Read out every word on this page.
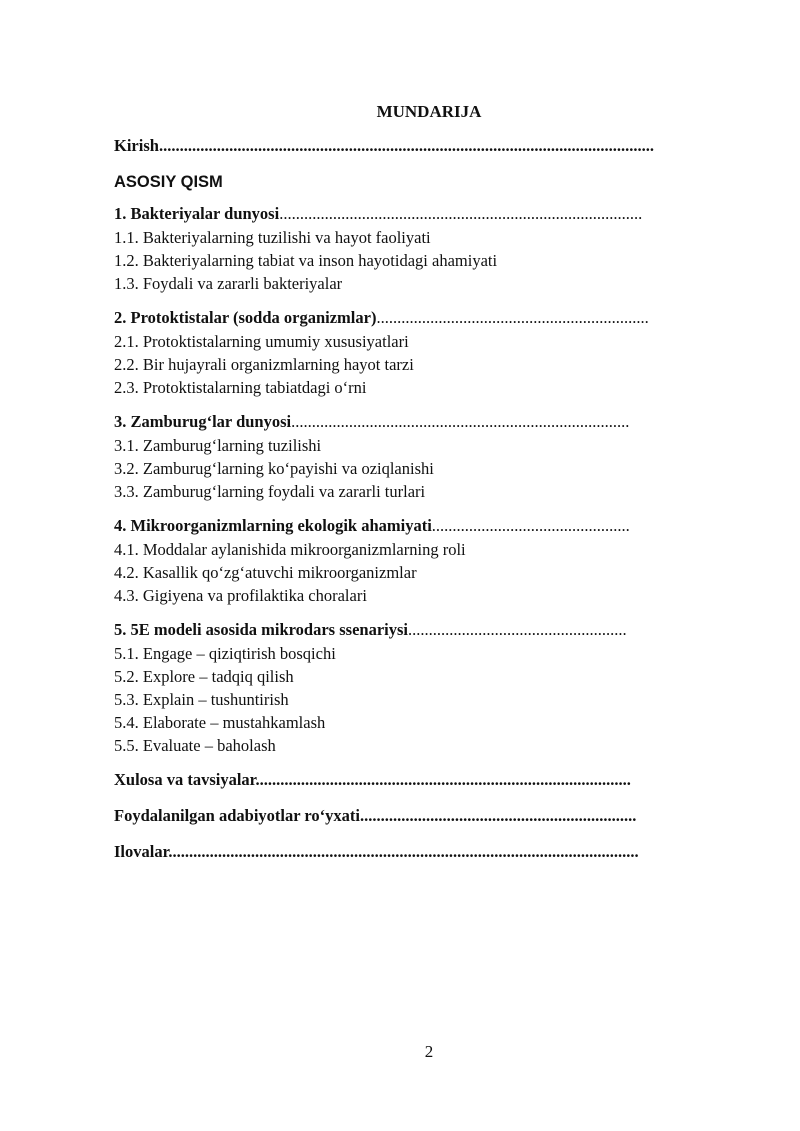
MUNDARIJA
Kirish........................................................................................................................
ASOSIY QISM
1. Bakteriyalar dunyosi........................................................................................
1.1. Bakteriyalarning tuzilishi va hayot faoliyati
1.2. Bakteriyalarning tabiat va inson hayotidagi ahamiyati
1.3. Foydali va zararli bakteriyalar
2. Protoktistalar (sodda organizmlar)..................................................................
2.1. Protoktistalarning umumiy xususiyatlari
2.2. Bir hujayrali organizmlarning hayot tarzi
2.3. Protoktistalarning tabiatdagi o‘rni
3. Zamburug‘lar dunyosi..................................................................................
3.1. Zamburug‘larning tuzilishi
3.2. Zamburug‘larning ko‘payishi va oziqlanishi
3.3. Zamburug‘larning foydali va zararli turlari
4. Mikroorganizmlarning ekologik ahamiyati................................................
4.1. Moddalar aylanishida mikroorganizmlarning roli
4.2. Kasallik qo‘zg‘atuvchi mikroorganizmlar
4.3. Gigiyena va profilaktika choralari
5. 5E modeli asosida mikrodars ssenariysi.....................................................
5.1. Engage – qiziqtirish bosqichi
5.2. Explore – tadqiq qilish
5.3. Explain – tushuntirish
5.4. Elaborate – mustahkamlash
5.5. Evaluate – baholash
Xulosa va tavsiyalar...........................................................................................
Foydalanilgan adabiyotlar ro‘yxati...................................................................
Ilovalar..................................................................................................................
2
